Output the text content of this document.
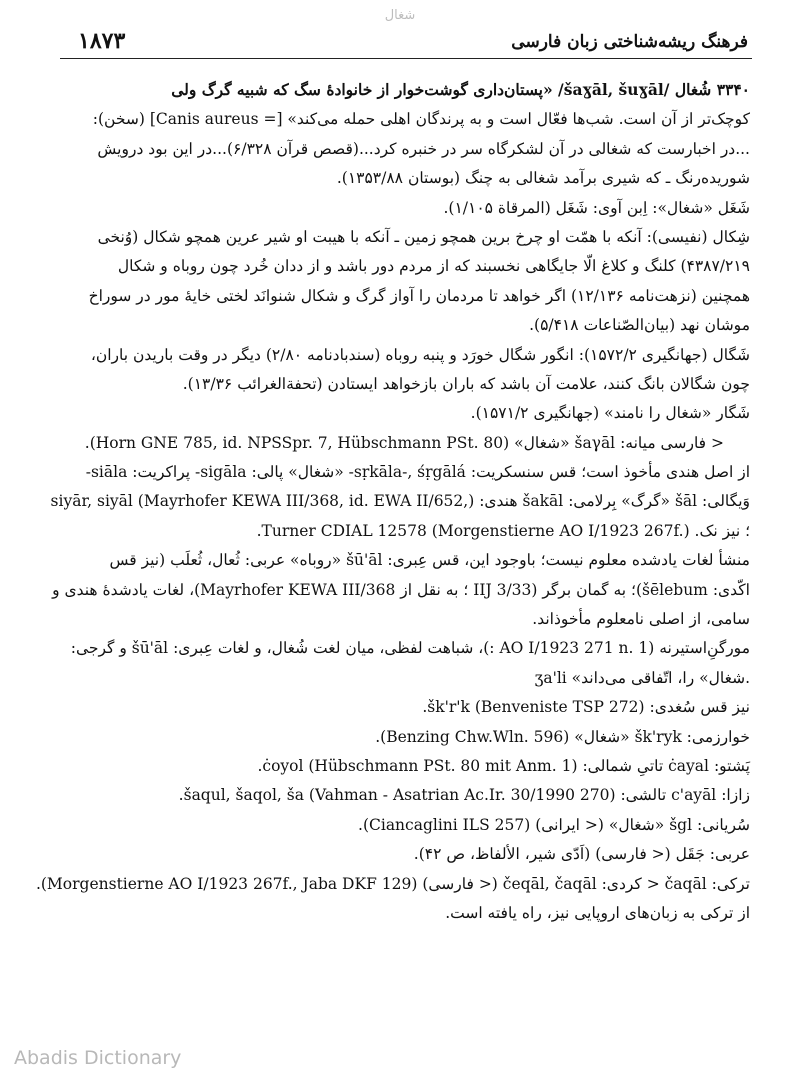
شغال
۱۸۷۳	فرهنگ ریشه‌شناختی زبان فارسی
۳۳۴۰ شُغال /šaɣāl, šuɣāl/ «پستان‌داری گوشت‌خوار از خانوادهٔ سگ که شبیه گرگ ولی
کوچک‌تر از آن است. شب‌ها فعّال است و به پرندگان اهلی حمله می‌کند» [= Canis aureus] (سخن):
...در اخبارست که شغالی در آن لشکرگاه سر در خنبره کرد...(قصص قرآن ۶/۳۲۸)...در این بود درویش
شوریده‌رنگ ـ که شیری برآمد شغالی به چنگ (بوستان ۱۳۵۳/۸۸).
شَغَل «شغال»: اِبن آوی: شَغَل (المرقاة ۱/۱۰۵).
شِکال (نفیسی): آنکه با همّت او چرخ برین همچو زمین ـ آنکه با هیبت او شیر عرین همچو شکال (وُنخی
۴۳۸۷/۲۱۹) کلنگ و کلاغ الّا جایگاهی نخسبند که از مردم دور باشد و از ددان خُرد چون روباه و شکال
همچنین (نزهت‌نامه ۱۲/۱۳۶) اگر خواهد تا مردمان را آواز گرگ و شکال شنوانَد لختی خایهٔ مور در سوراخ
موشان نهد (بیان‌الصّناعات ۵/۴۱۸).
شَگال (جهانگیری ۱۵۷۲/۲): انگور شگال خورَد و پنبه روباه (سندبادنامه ۲/۸۰) دیگر در وقت باریدن باران،
چون شگالان بانگ کنند، علامت آن باشد که باران بازخواهد ایستادن (تحفة‌الغرائب ۱۳/۳۶).
شَگار «شغال را نامند» (جهانگیری ۱۵۷۱/۲).
< فارسی میانه: šaγāl «شغال» (Horn GNE 785, id. NPSSpr. 7, Hübschmann PSt. 80).
از اصل هندی مأخوذ است؛ قس سنسکریت: sṛkāla-, śṛgālá- «شغال» پالی: sigāla- پراکریت: siāla-
وَیگالی: šāl «گرگ» بِرلامی: šakāl هندی: siyār, siyāl (Mayrhofer KEWA III/368, id. EWA II/652,)
؛ نیز نک. Turner CDIAL 12578 (Morgenstierne AO I/1923 267f.).
منشأ لغات یادشده معلوم نیست؛ باوجود این، قس عِبری: šū'āl «روباه» عربی: ثُعال، ثُعلَب (نیز قس
اکّدی: šēlebum)؛ به گمان برگر (IIJ 3/33 ؛ به نقل از Mayrhofer KEWA III/368)، لغات یادشدهٔ هندی و
سامی، از اصلی نامعلوم مأخوذاند.
مورگنِ‌استیرنه (AO I/1923 271 n. 1 :)، شباهت لفظی، میان لغت شُغال، و لغات عِبری: šū'āl و گرجی:
ʒa'li «شغال» را، اتّفاقی می‌داند.
نیز قس سُغدی: šk'r'k (Benveniste TSP 272).
خوارزمی: šk'ryk «شغال» (Benzing Chw.Wln. 596).
پَشتو: ċayal تاتیِ شمالی: ċoyol (Hübschmann PSt. 80 mit Anm. 1).
زازا: c'ayāl تالشی: šaqul, šaqol, ša (Vahman - Asatrian Ac.Ir. 30/1990 270).
سُریانی: šgl «شغال» (< ایرانی) (Ciancaglini ILS 257).
عربی: جَقَل (< فارسی) (اَدّی شیر، الألفاظ، ص ۴۲).
ترکی: čaqāl < کردی: čeqāl, čaqāl (< فارسی) (Morgenstierne AO I/1923 267f., Jaba DKF 129).
از ترکی به زبان‌های اروپایی نیز، راه یافته است.
Abadis Dictionary
